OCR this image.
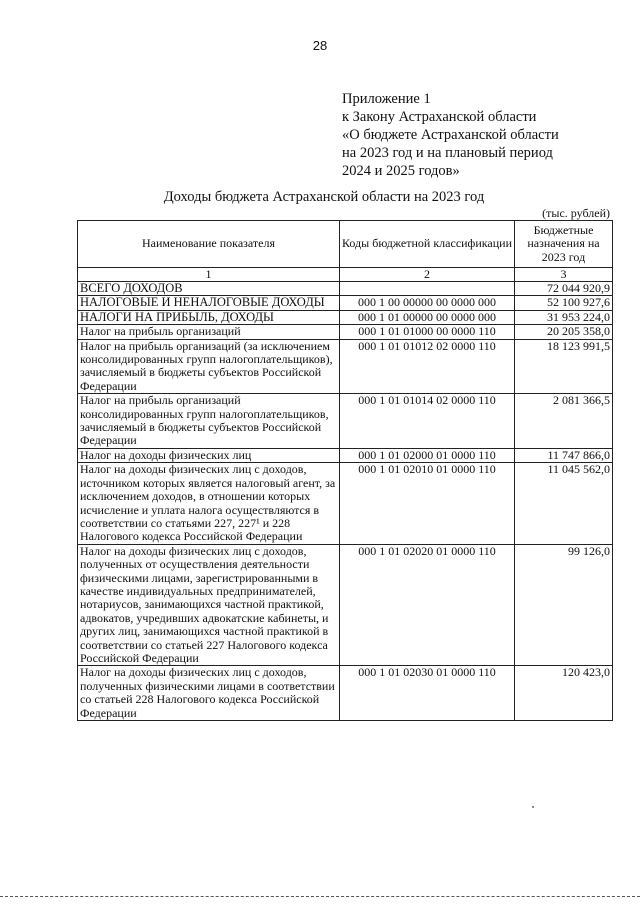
28
Приложение 1
к Закону Астраханской области
«О бюджете Астраханской области
на 2023 год и на плановый период
2024 и 2025 годов»
Доходы бюджета Астраханской области на 2023 год
(тыс. рублей)
Наименование показателя	Коды бюджетной классификации	Бюджетные назначения на 2023 год
1	2	3
ВСЕГО ДОХОДОВ		72 044 920,9
НАЛОГОВЫЕ И НЕНАЛОГОВЫЕ ДОХОДЫ	000 1 00 00000 00 0000 000	52 100 927,6
НАЛОГИ НА ПРИБЫЛЬ, ДОХОДЫ	000 1 01 00000 00 0000 000	31 953 224,0
Налог на прибыль организаций	000 1 01 01000 00 0000 110	20 205 358,0
Налог на прибыль организаций (за исключением консолидированных групп налогоплательщиков), зачисляемый в бюджеты субъектов Российской Федерации	000 1 01 01012 02 0000 110	18 123 991,5
Налог на прибыль организаций консолидированных групп налогоплательщиков, зачисляемый в бюджеты субъектов Российской Федерации	000 1 01 01014 02 0000 110	2 081 366,5
Налог на доходы физических лиц	000 1 01 02000 01 0000 110	11 747 866,0
Налог на доходы физических лиц с доходов, источником которых является налоговый агент, за исключением доходов, в отношении которых исчисление и уплата налога осуществляются в соответствии со статьями 227, 227¹ и 228 Налогового кодекса Российской Федерации	000 1 01 02010 01 0000 110	11 045 562,0
Налог на доходы физических лиц с доходов, полученных от осуществления деятельности физическими лицами, зарегистрированными в качестве индивидуальных предпринимателей, нотариусов, занимающихся частной практикой, адвокатов, учредивших адвокатские кабинеты, и других лиц, занимающихся частной практикой в соответствии со статьей 227 Налогового кодекса Российской Федерации	000 1 01 02020 01 0000 110	99 126,0
Налог на доходы физических лиц с доходов, полученных физическими лицами в соответствии со статьей 228 Налогового кодекса Российской Федерации	000 1 01 02030 01 0000 110	120 423,0
